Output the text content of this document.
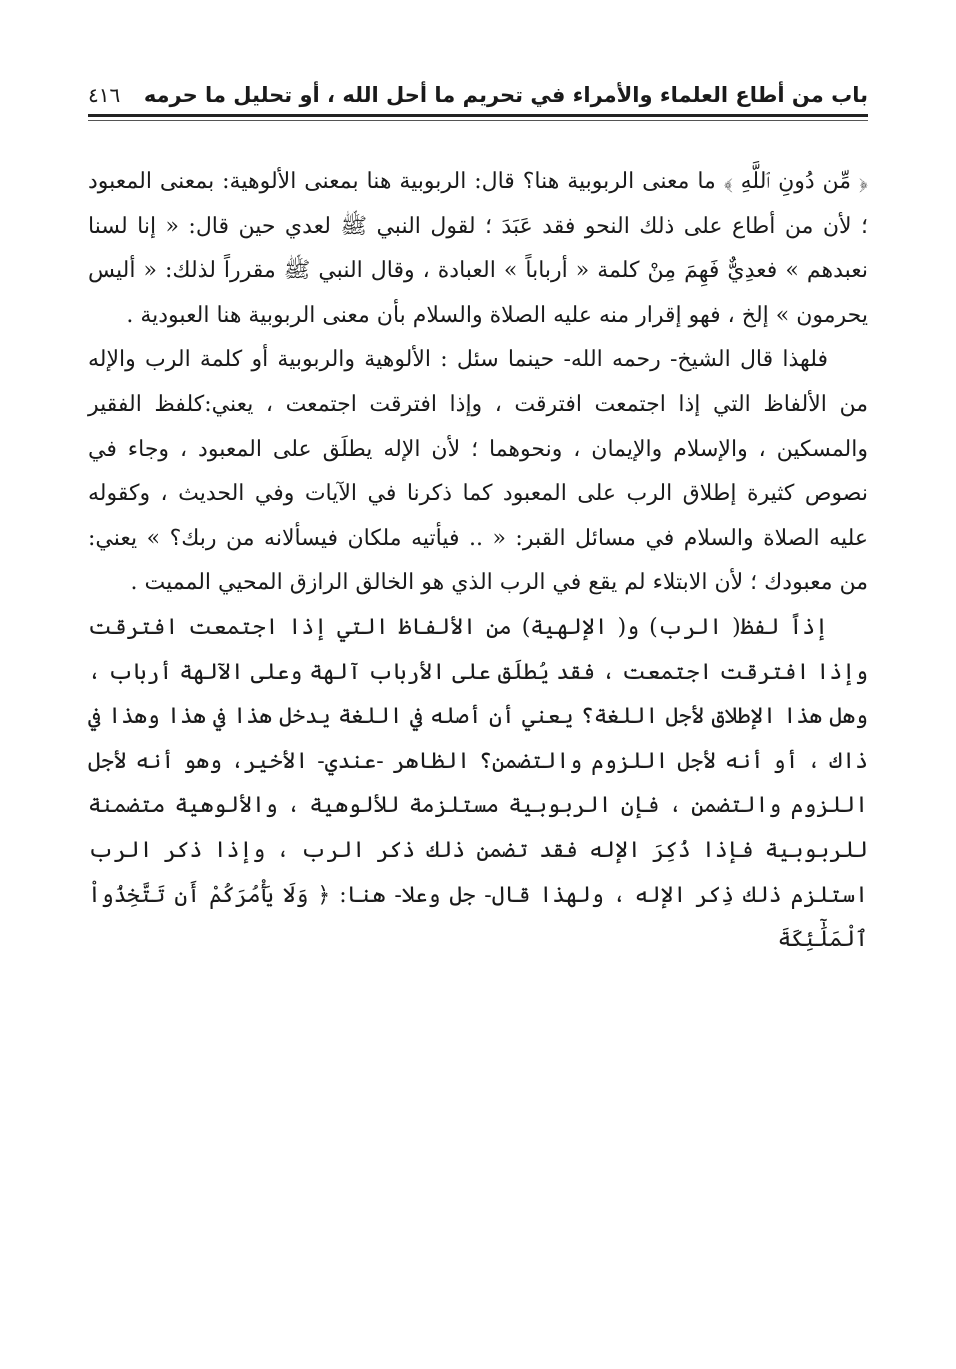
باب من أطاع العلماء والأمراء في تحريم ما أحل الله ، أو تحليل ما حرمه
٤١٦

﴿ مِّن دُونِ ٱللَّهِ ﴾ ما معنى الربوبية هنا؟ قال: الربوبية هنا بمعنى الألوهية: بمعنى المعبود ؛ لأن من أطاع على ذلك النحو فقد عَبَدَ ؛ لقول النبي ﷺ لعدي حين قال: « إنا لسنا نعبدهم » فعدِيٌّ فَهِمَ مِنْ كلمة « أرباباً » العبادة ، وقال النبي ﷺ مقرراً لذلك: « أليس يحرمون » إلخ ، فهو إقرار منه عليه الصلاة والسلام بأن معنى الربوبية هنا العبودية .

فلهذا قال الشيخ- رحمه الله- حينما سئل : الألوهية والربوبية أو كلمة الرب والإله من الألفاظ التي إذا اجتمعت افترقت ، وإذا افترقت اجتمعت ، يعني:كلفظ الفقير والمسكين ، والإسلام والإيمان ، ونحوهما ؛ لأن الإله يطلَق على المعبود ، وجاء في نصوص كثيرة إطلاق الرب على المعبود كما ذكرنا في الآيات وفي الحديث ، وكقوله عليه الصلاة والسلام في مسائل القبر: « .. فيأتيه ملكان فيسألانه من ربك؟ » يعني: من معبودك ؛ لأن الابتلاء لم يقع في الرب الذي هو الخالق الرازق المحيي المميت .

إذاً لفظ( الرب) و( الإلهية) من الألفاظ التي إذا اجتمعت افترقت وإذا افترقت اجتمعت ، فقد يُطلَق على الأرباب آلهة وعلى الآلهة أرباب ، وهل هذا الإطلاق لأجل اللغة؟ يعني أن أصله في اللغة يدخل هذا في هذا وهذا في ذاك ، أو أنه لأجل اللزوم والتضمن؟ الظاهر -عندي- الأخير، وهو أنه لأجل اللزوم والتضمن ، فإن الربوبية مستلزمة للألوهية ، والألوهية متضمنة للربوبية فإذا ذُكِرَ الإله فقد تضمن ذلك ذكر الرب ، وإذا ذكر الرب استلزم ذلك ذِكر الإله ، ولهذا قال- جل وعلا- هنا: ﴿ وَلَا يَأْمُرَكُمْ أَن تَتَّخِذُواْ ٱلْمَلَٰٓئِكَةَ
